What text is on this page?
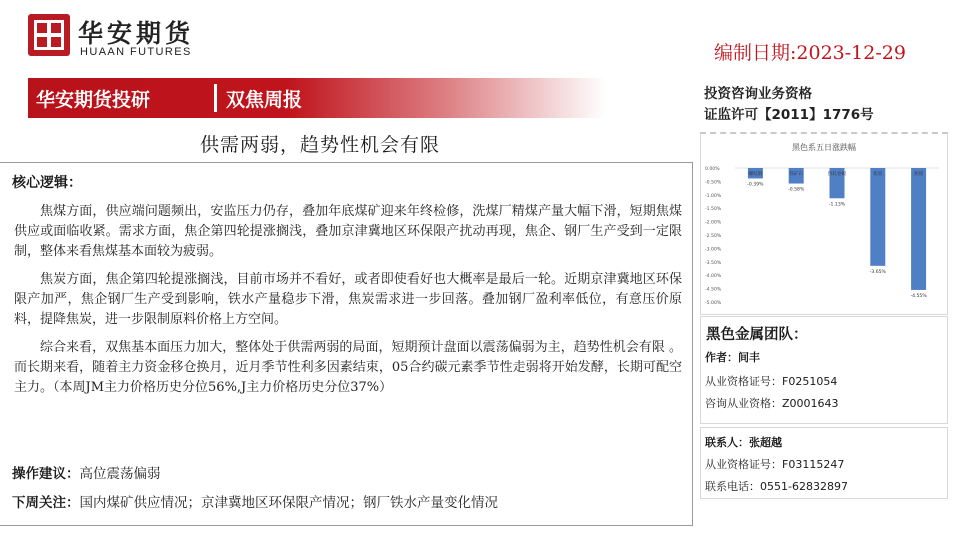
华安期货
HUAAN FUTURES	编制日期:2023-12-29
华安期货投研	双焦周报	投资咨询业务资格
证监许可【2011】1776号
供需两弱，趋势性机会有限
核心逻辑：

焦煤方面，供应端问题频出，安监压力仍存，叠加年底煤矿迎来年终检修，洗煤厂精煤产量大幅下滑，短期焦煤供应或面临收紧。需求方面，焦企第四轮提涨搁浅，叠加京津冀地区环保限产扰动再现，焦企、钢厂生产受到一定限制，整体来看焦煤基本面较为疲弱。

焦炭方面，焦企第四轮提涨搁浅，目前市场并不看好，或者即使看好也大概率是最后一轮。近期京津冀地区环保限产加严，焦企钢厂生产受到影响，铁水产量稳步下滑，焦炭需求进一步回落。叠加钢厂盈利率低位，有意压价原料，提降焦炭，进一步限制原料价格上方空间。

综合来看，双焦基本面压力加大，整体处于供需两弱的局面，短期预计盘面以震荡偏弱为主，趋势性机会有限 。而长期来看，随着主力资金移仓换月，近月季节性利多因素结束，05合约碳元素季节性走弱将开始发酵，长期可配空主力。（本周JM主力价格历史分位56%,J主力价格历史分位37%）

操作建议：高位震荡偏弱
下周关注：国内煤矿供应情况；京津冀地区环保限产情况；钢厂铁水产量变化情况
黑色系五日涨跌幅
0.00%
-0.50%
-1.00%
-1.50%
-2.00%
-2.50%
-3.00%
-3.50%
-4.00%
-4.50%
-5.00%
螺纹钢
-0.39%
铁矿石
-0.58%
热轧卷板
-1.13%
焦炭
-3.65%
焦煤
-4.55%
黑色金属团队：
作者：间丰
从业资格证号：F0251054
咨询从业资格：Z0001643
联系人：张超越
从业资格证号：F03115247
联系电话：0551-62832897
